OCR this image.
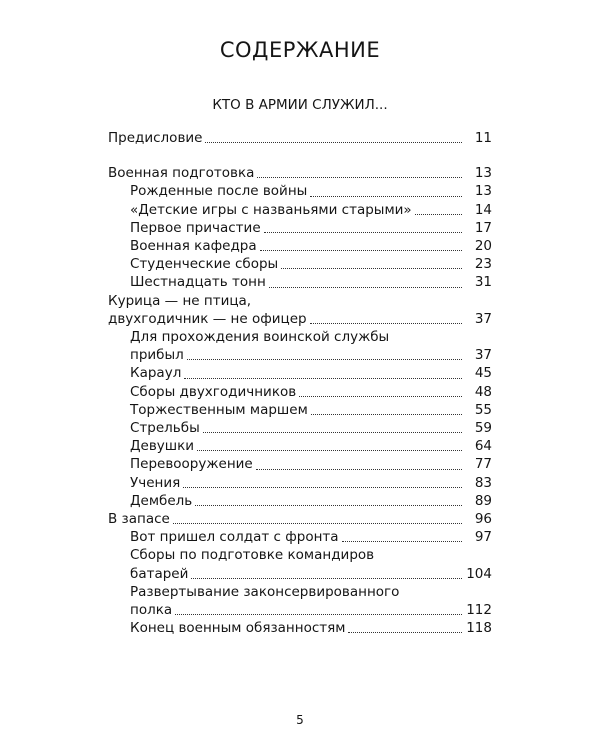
СОДЕРЖАНИЕ
КТО В АРМИИ СЛУЖИЛ...
Предисловие	11
Военная подготовка	13
Рожденные после войны	13
«Детские игры с названьями старыми»	14
Первое причастие	17
Военная кафедра	20
Студенческие сборы	23
Шестнадцать тонн	31
Курица — не птица,
двухгодичник — не офицер	37
Для прохождения воинской службы
прибыл	37
Караул	45
Сборы двухгодичников	48
Торжественным маршем	55
Стрельбы	59
Девушки	64
Перевооружение	77
Учения	83
Дембель	89
В запасе	96
Вот пришел солдат с фронта	97
Сборы по подготовке командиров
батарей	104
Развертывание законсервированного
полка	112
Конец военным обязанностям	118
5
